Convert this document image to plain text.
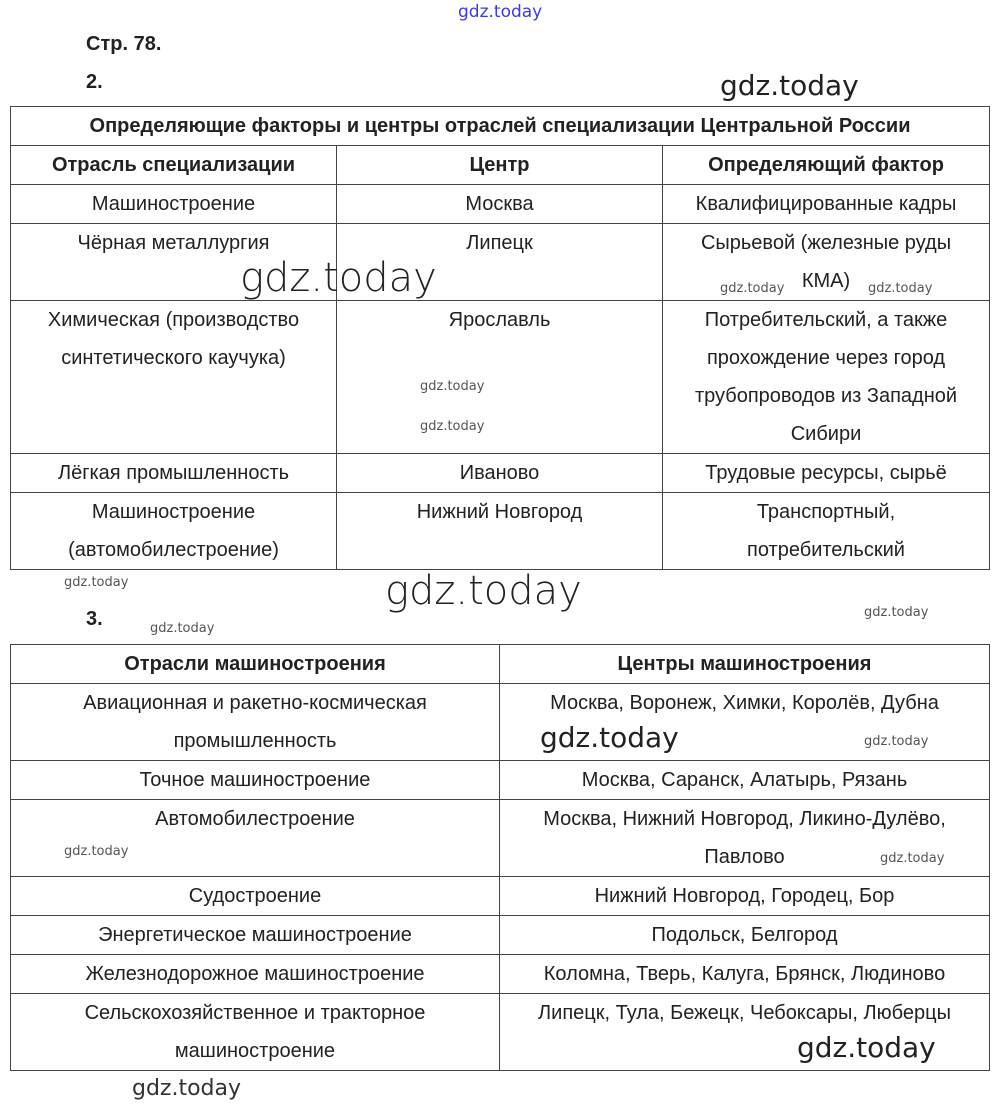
Стр. 78.
2.
Определяющие факторы и центры отраслей специализации Центральной России		
Отрасль специализации	Центр	Определяющий фактор
Машиностроение	Москва	Квалифицированные кадры
Чёрная металлургия	Липецк	Сырьевой (железные руды КМА)
Химическая (производство синтетического каучука)	Ярославль	Потребительский, а также прохождение через город трубопроводов из Западной Сибири
Лёгкая промышленность	Иваново	Трудовые ресурсы, сырьё
Машиностроение (автомобилестроение)	Нижний Новгород	Транспортный, потребительский
3.
Отрасли машиностроения	Центры машиностроения
Авиационная и ракетно-космическая промышленность	Москва, Воронеж, Химки, Королёв, Дубна
Точное машиностроение	Москва, Саранск, Алатырь, Рязань
Автомобилестроение	Москва, Нижний Новгород, Ликино-Дулёво, Павлово
Судостроение	Нижний Новгород, Городец, Бор
Энергетическое машиностроение	Подольск, Белгород
Железнодорожное машиностроение	Коломна, Тверь, Калуга, Брянск, Людиново
Сельскохозяйственное и тракторное машиностроение	Липецк, Тула, Бежецк, Чебоксары, Люберцы
gdz.today
gdz.today
gdz.today	gdz.today	gdz.today
gdz.today
gdz.today
gdz.today
gdz.today
gdz.today
gdz.today
gdz.today
gdz.today	gdz.today
gdz.today
gdz.today
gdz.today
